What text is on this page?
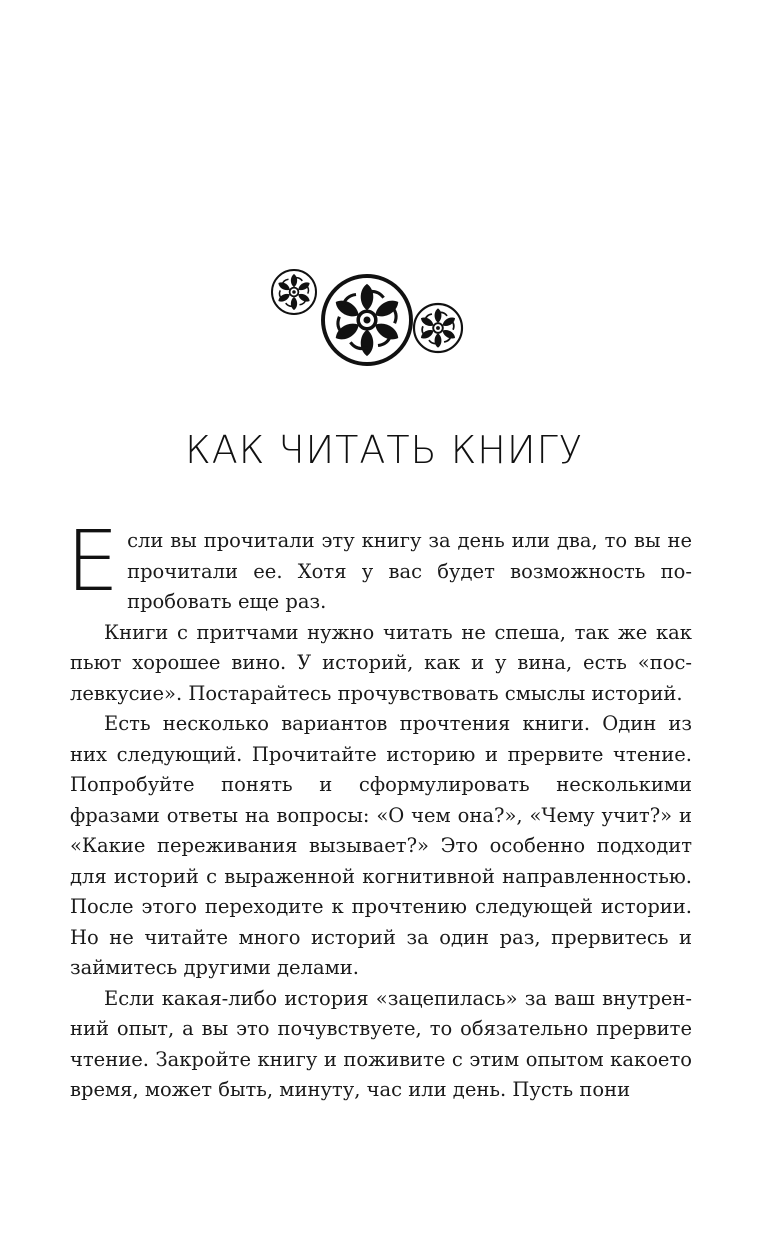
КАК ЧИТАТЬ КНИГУ

Если вы прочитали эту книгу за день или два, то вы не прочитали ее. Хотя у вас будет возможность попробовать еще раз.

Книги с притчами нужно читать не спеша, так же как пьют хорошее вино. У историй, как и у вина, есть «послевкусие». Постарайтесь прочувствовать смыслы историй.

Есть несколько вариантов прочтения книги. Один из них следующий. Прочитайте историю и прервите чтение. Попробуйте понять и сформулировать несколькими фразами ответы на вопросы: «О чем она?», «Чему учит?» и «Какие переживания вызывает?» Это особенно подходит для историй с выраженной когнитивной направленностью. После этого переходите к прочтению следующей истории. Но не читайте много историй за один раз, прервитесь и займитесь другими делами.

Если какая-либо история «зацепилась» за ваш внутренний опыт, а вы это почувствуете, то обязательно прервите чтение. Закройте книгу и поживите с этим опытом какоето время, может быть, минуту, час или день. Пусть пони
